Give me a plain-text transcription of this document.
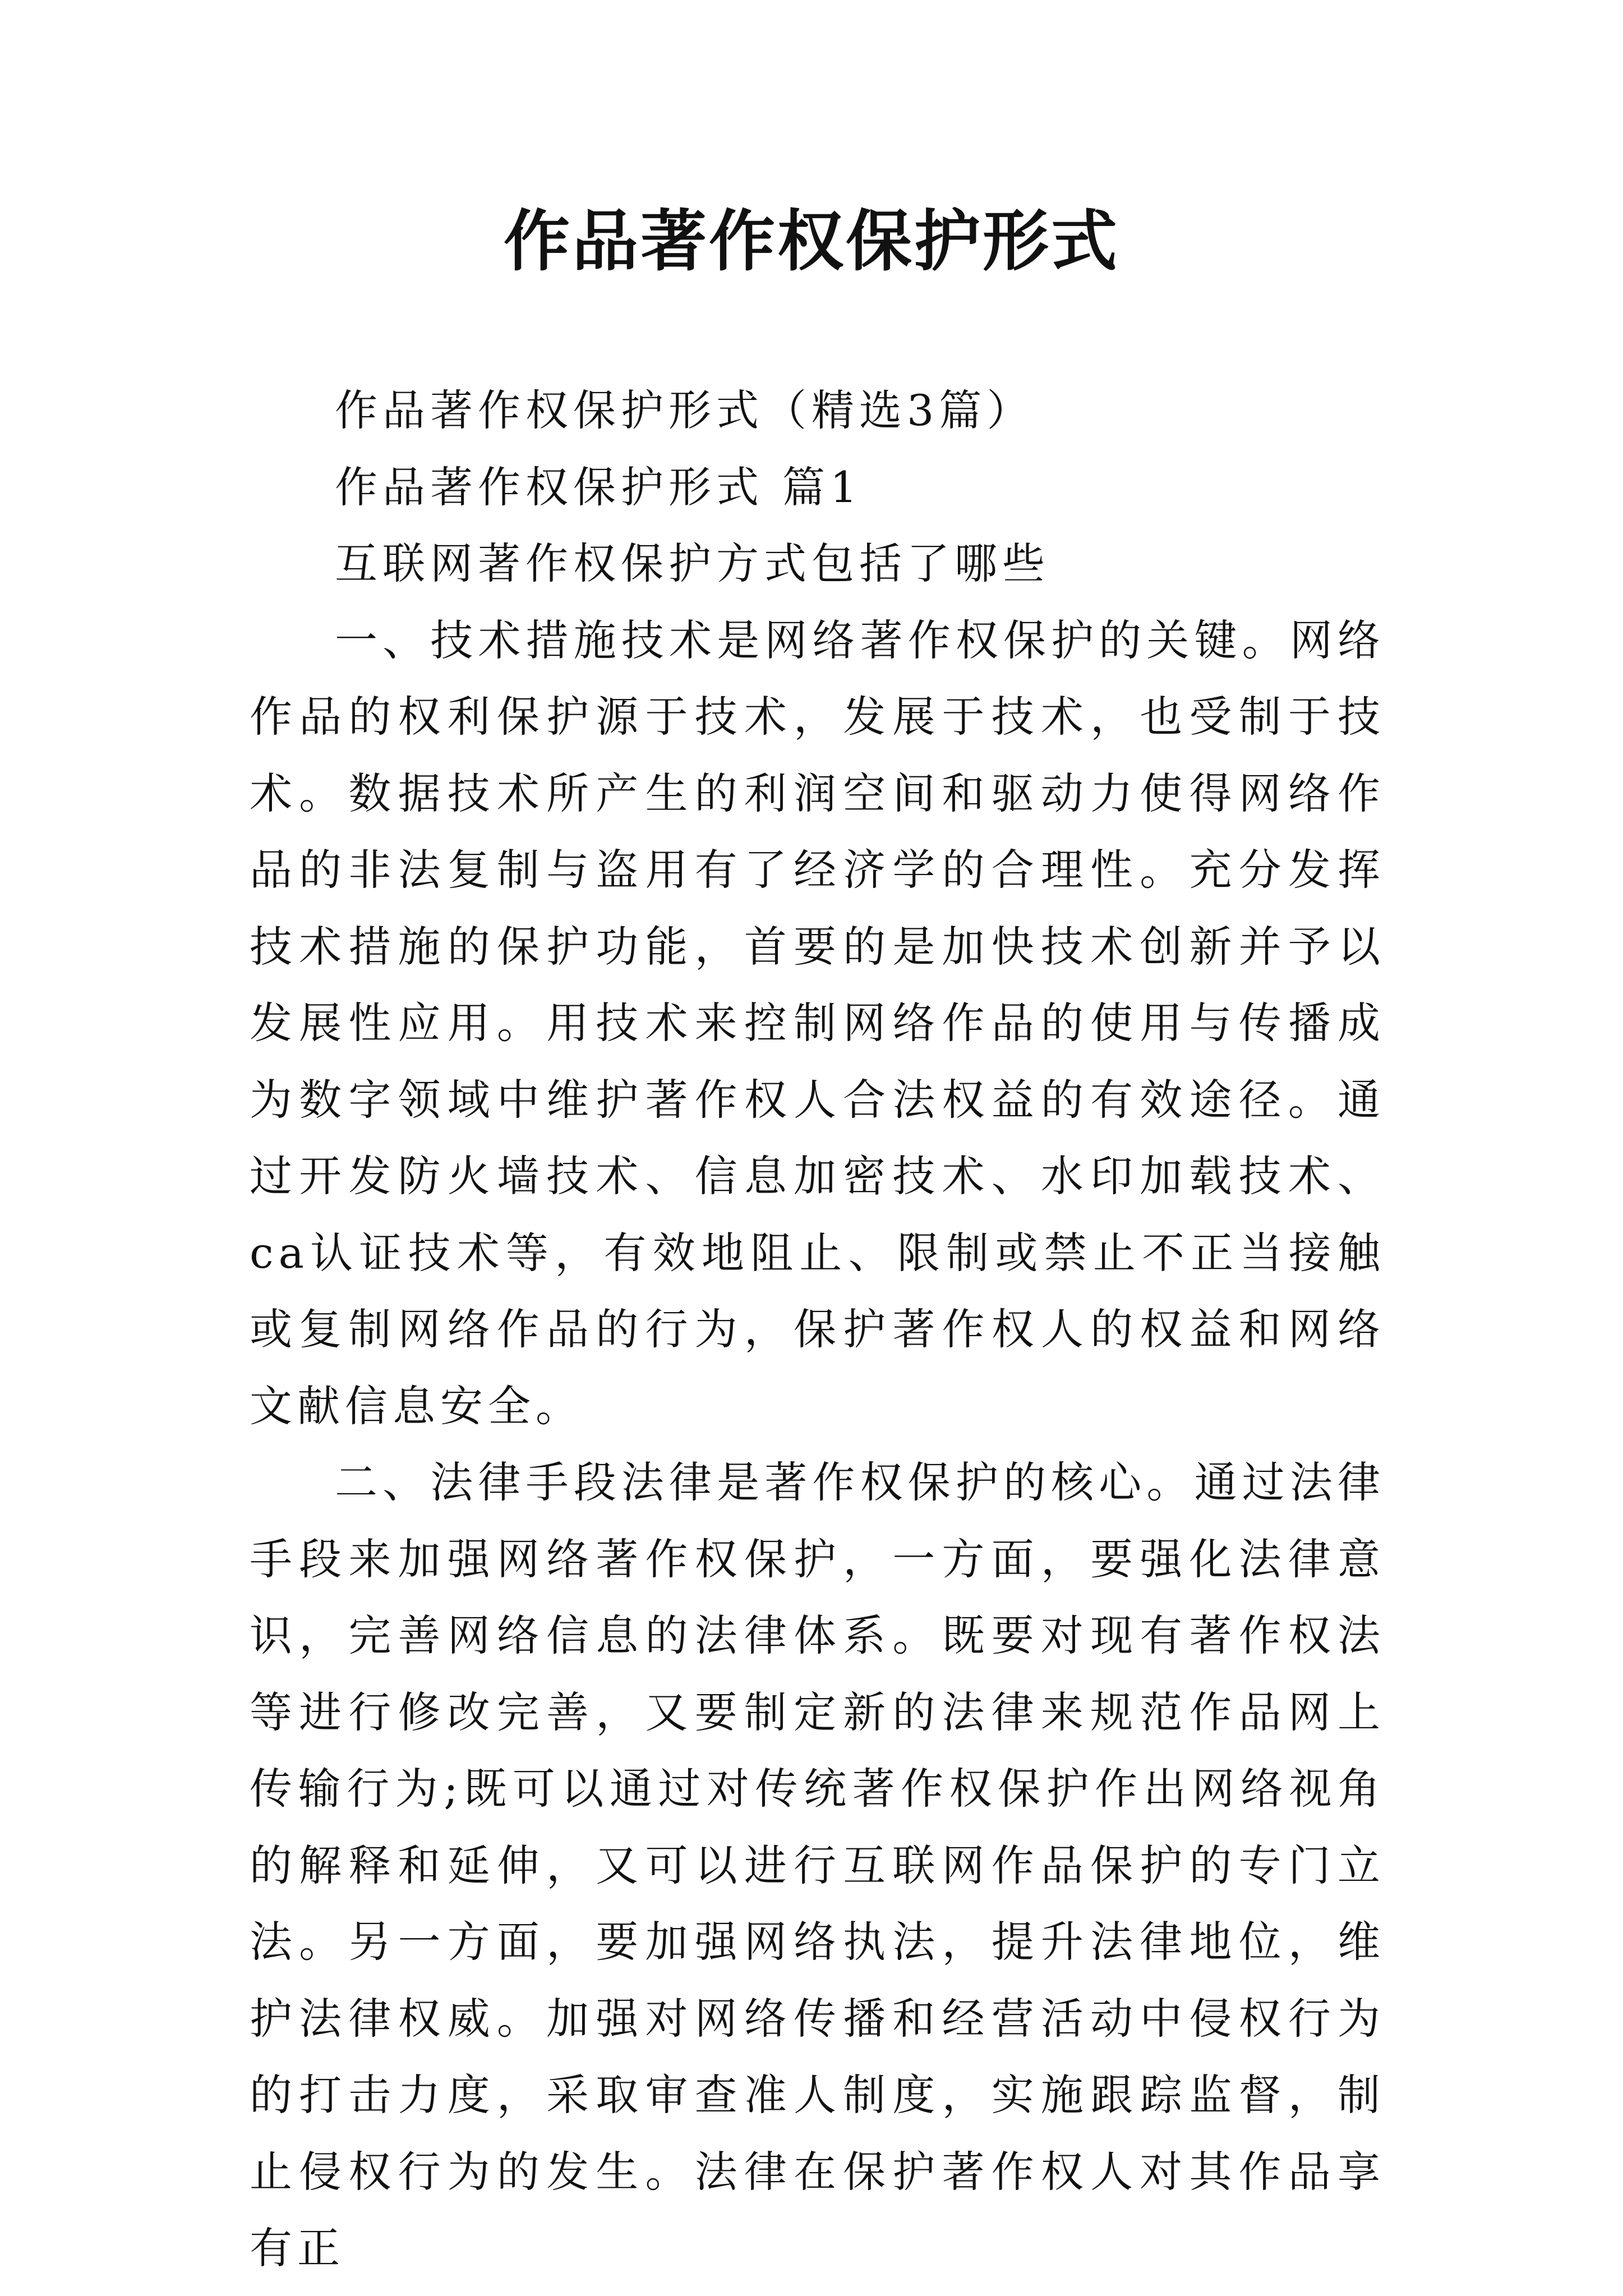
作品著作权保护形式

作品著作权保护形式（精选3篇）

作品著作权保护形式 篇1

互联网著作权保护方式包括了哪些

一、技术措施技术是网络著作权保护的关键。网络作品的权利保护源于技术，发展于技术，也受制于技术。数据技术所产生的利润空间和驱动力使得网络作品的非法复制与盗用有了经济学的合理性。充分发挥技术措施的保护功能，首要的是加快技术创新并予以发展性应用。用技术来控制网络作品的使用与传播成为数字领域中维护著作权人合法权益的有效途径。通过开发防火墙技术、信息加密技术、水印加载技术、ca认证技术等，有效地阻止、限制或禁止不正当接触或复制网络作品的行为，保护著作权人的权益和网络文献信息安全。

二、法律手段法律是著作权保护的核心。通过法律手段来加强网络著作权保护，一方面，要强化法律意识，完善网络信息的法律体系。既要对现有著作权法等进行修改完善，又要制定新的法律来规范作品网上传输行为;既可以通过对传统著作权保护作出网络视角的解释和延伸，又可以进行互联网作品保护的专门立法。另一方面，要加强网络执法，提升法律地位，维护法律权威。加强对网络传播和经营活动中侵权行为的打击力度，采取审查准人制度，实施跟踪监督，制止侵权行为的发生。法律在保护著作权人对其作品享有正
